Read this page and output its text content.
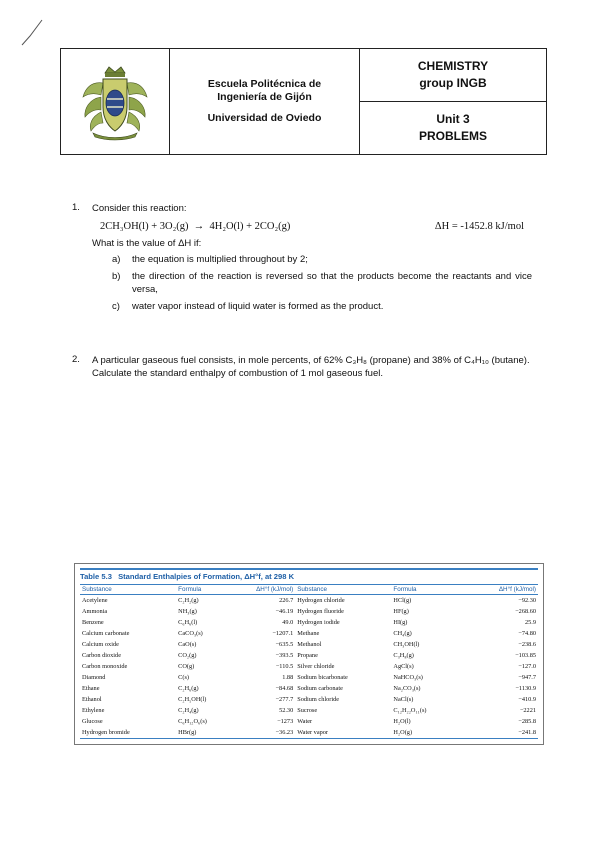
Escuela Politécnica de
Ingeniería de Gijón
Universidad de Oviedo
CHEMISTRY
group INGB
Unit 3
PROBLEMS
1.	Consider this reaction:
2CH₃OH(l) + 3O₂(g) → 4H₂O(l) + 2CO₂(g)	ΔH = -1452.8 kJ/mol
What is the value of ΔH if:
a)	the equation is multiplied throughout by 2;
b)	the direction of the reaction is reversed so that the products become the reactants and vice versa,
c)	water vapor instead of liquid water is formed as the product.
2.	A particular gaseous fuel consists, in mole percents, of 62% C₃H₈ (propane) and 38% of C₄H₁₀ (butane). Calculate the standard enthalpy of combustion of 1 mol gaseous fuel.
Table 5.3 Standard Enthalpies of Formation, ΔH°f, at 298 K
Substance	Formula	ΔH°f (kJ/mol)	Substance	Formula	ΔH°f (kJ/mol)
Acetylene	C₂H₂(g)	226.7	Hydrogen chloride	HCl(g)	−92.30
Ammonia	NH₃(g)	−46.19	Hydrogen fluoride	HF(g)	−268.60
Benzene	C₆H₆(l)	49.0	Hydrogen iodide	HI(g)	25.9
Calcium carbonate	CaCO₃(s)	−1207.1	Methane	CH₄(g)	−74.80
Calcium oxide	CaO(s)	−635.5	Methanol	CH₃OH(l)	−238.6
Carbon dioxide	CO₂(g)	−393.5	Propane	C₃H₈(g)	−103.85
Carbon monoxide	CO(g)	−110.5	Silver chloride	AgCl(s)	−127.0
Diamond	C(s)	1.88	Sodium bicarbonate	NaHCO₃(s)	−947.7
Ethane	C₂H₆(g)	−84.68	Sodium carbonate	Na₂CO₃(s)	−1130.9
Ethanol	C₂H₅OH(l)	−277.7	Sodium chloride	NaCl(s)	−410.9
Ethylene	C₂H₄(g)	52.30	Sucrose	C₁₂H₂₂O₁₁(s)	−2221
Glucose	C₆H₁₂O₆(s)	−1273	Water	H₂O(l)	−285.8
Hydrogen bromide	HBr(g)	−36.23	Water vapor	H₂O(g)	−241.8
